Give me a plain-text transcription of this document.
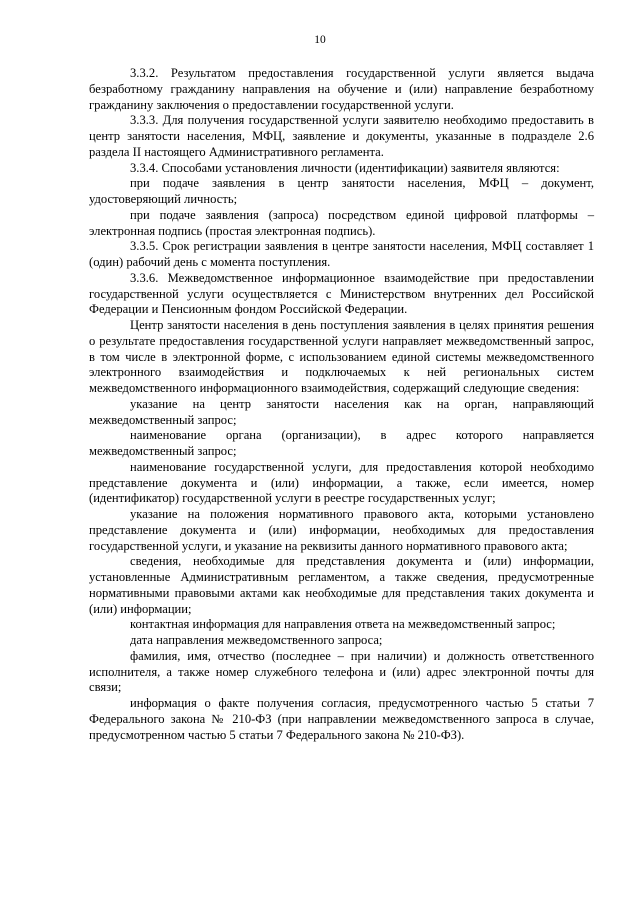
10

3.3.2. Результатом предоставления государственной услуги является выдача безработному гражданину направления на обучение и (или) направление безработному гражданину заключения о предоставлении государственной услуги.

3.3.3. Для получения государственной услуги заявителю необходимо предоставить в центр занятости населения, МФЦ, заявление и документы, указанные в подразделе 2.6 раздела II настоящего Административного регламента.

3.3.4. Способами установления личности (идентификации) заявителя являются:

при подаче заявления в центр занятости населения, МФЦ – документ, удостоверяющий личность;

при подаче заявления (запроса) посредством единой цифровой платформы – электронная подпись (простая электронная подпись).

3.3.5. Срок регистрации заявления в центре занятости населения, МФЦ составляет 1 (один) рабочий день с момента поступления.

3.3.6. Межведомственное информационное взаимодействие при предоставлении государственной услуги осуществляется с Министерством внутренних дел Российской Федерации и Пенсионным фондом Российской Федерации.

Центр занятости населения в день поступления заявления в целях принятия решения о результате предоставления государственной услуги направляет межведомственный запрос, в том числе в электронной форме, с использованием единой системы межведомственного электронного взаимодействия и подключаемых к ней региональных систем межведомственного информационного взаимодействия, содержащий следующие сведения:

указание на центр занятости населения как на орган, направляющий межведомственный запрос;

наименование органа (организации), в адрес которого направляется межведомственный запрос;

наименование государственной услуги, для предоставления которой необходимо представление документа и (или) информации, а также, если имеется, номер (идентификатор) государственной услуги в реестре государственных услуг;

указание на положения нормативного правового акта, которыми установлено представление документа и (или) информации, необходимых для предоставления государственной услуги, и указание на реквизиты данного нормативного правового акта;

сведения, необходимые для представления документа и (или) информации, установленные Административным регламентом, а также сведения, предусмотренные нормативными правовыми актами как необходимые для представления таких документа и (или) информации;

контактная информация для направления ответа на межведомственный запрос;

дата направления межведомственного запроса;

фамилия, имя, отчество (последнее – при наличии) и должность ответственного исполнителя, а также номер служебного телефона и (или) адрес электронной почты для связи;

информация о факте получения согласия, предусмотренного частью 5 статьи 7 Федерального закона № 210-ФЗ (при направлении межведомственного запроса в случае, предусмотренном частью 5 статьи 7 Федерального закона № 210-ФЗ).
